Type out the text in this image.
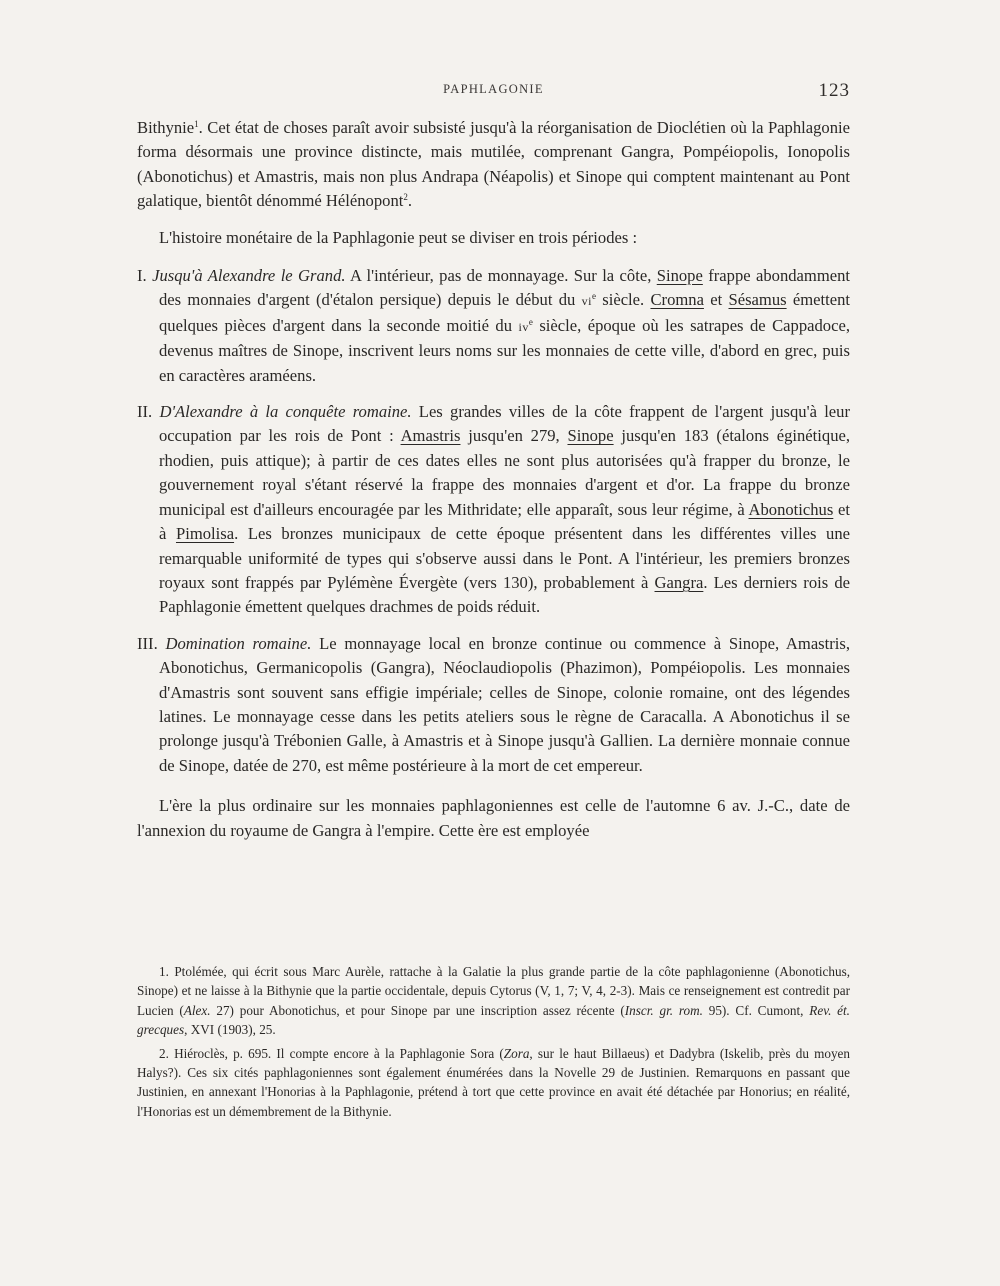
PAPHLAGONIE	123

Bithynie$^1$. Cet état de choses paraît avoir subsisté jusqu'à la réorganisation de Dioclétien où la Paphlagonie forma désormais une province distincte, mais mutilée, comprenant Gangra, Pompéiopolis, Ionopolis (Abonotichus) et Amastris, mais non plus Andrapa (Néapolis) et Sinope qui comptent maintenant au Pont galatique, bientôt dénommé Hélénopont$^2$.

L'histoire monétaire de la Paphlagonie peut se diviser en trois périodes :

I. Jusqu'à Alexandre le Grand. A l'intérieur, pas de monnayage. Sur la côte, Sinope frappe abondamment des monnaies d'argent (d'étalon persique) depuis le début du $vi^e$ siècle. Cromna et Sésamus émettent quelques pièces d'argent dans la seconde moitié du $iv^e$ siècle, époque où les satrapes de Cappadoce, devenus maîtres de Sinope, inscrivent leurs noms sur les monnaies de cette ville, d'abord en grec, puis en caractères araméens.

II. D'Alexandre à la conquête romaine. Les grandes villes de la côte frappent de l'argent jusqu'à leur occupation par les rois de Pont : Amastris jusqu'en 279, Sinope jusqu'en 183 (étalons éginétique, rhodien, puis attique); à partir de ces dates elles ne sont plus autorisées qu'à frapper du bronze, le gouvernement royal s'étant réservé la frappe des monnaies d'argent et d'or. La frappe du bronze municipal est d'ailleurs encouragée par les Mithridate; elle apparaît, sous leur régime, à Abonotichus et à Pimolisa. Les bronzes municipaux de cette époque présentent dans les différentes villes une remarquable uniformité de types qui s'observe aussi dans le Pont. A l'intérieur, les premiers bronzes royaux sont frappés par Pylémène Évergète (vers 130), probablement à Gangra. Les derniers rois de Paphlagonie émettent quelques drachmes de poids réduit.

III. Domination romaine. Le monnayage local en bronze continue ou commence à Sinope, Amastris, Abonotichus, Germanicopolis (Gangra), Néoclaudiopolis (Phazimon), Pompéiopolis. Les monnaies d'Amastris sont souvent sans effigie impériale; celles de Sinope, colonie romaine, ont des légendes latines. Le monnayage cesse dans les petits ateliers sous le règne de Caracalla. A Abonotichus il se prolonge jusqu'à Trébonien Galle, à Amastris et à Sinope jusqu'à Gallien. La dernière monnaie connue de Sinope, datée de 270, est même postérieure à la mort de cet empereur.

L'ère la plus ordinaire sur les monnaies paphlagoniennes est celle de l'automne 6 av. J.-C., date de l'annexion du royaume de Gangra à l'empire. Cette ère est employée

1. Ptolémée, qui écrit sous Marc Aurèle, rattache à la Galatie la plus grande partie de la côte paphlagonienne (Abonotichus, Sinope) et ne laisse à la Bithynie que la partie occidentale, depuis Cytorus (V, 1, 7; V, 4, 2-3). Mais ce renseignement est contredit par Lucien (Alex. 27) pour Abonotichus, et pour Sinope par une inscription assez récente (Inscr. gr. rom. 95). Cf. Cumont, Rev. ét. grecques, XVI (1903), 25.

2. Hiéroclès, p. 695. Il compte encore à la Paphlagonie Sora (Zora, sur le haut Billaeus) et Dadybra (Iskelib, près du moyen Halys?). Ces six cités paphlagoniennes sont également énumérées dans la Novelle 29 de Justinien. Remarquons en passant que Justinien, en annexant l'Honorias à la Paphlagonie, prétend à tort que cette province en avait été détachée par Honorius; en réalité, l'Honorias est un démembrement de la Bithynie.
